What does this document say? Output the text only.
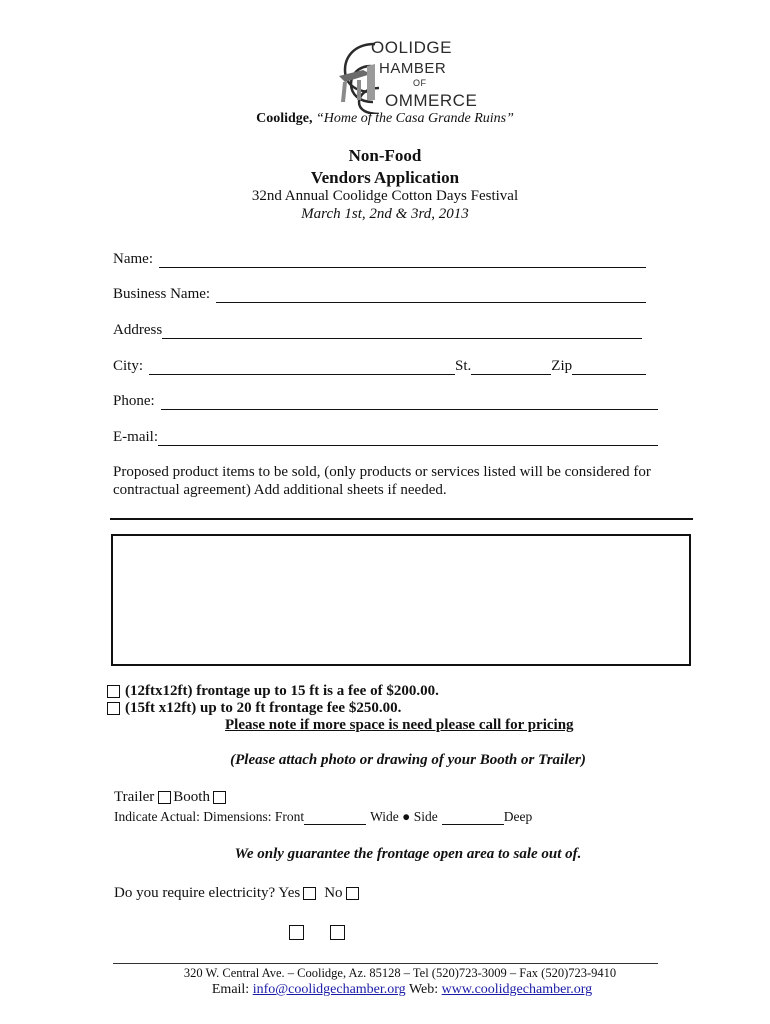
OOLIDGE
HAMBER
OF
OMMERCE
Coolidge, “Home of the Casa Grande Ruins”
Non-Food
Vendors Application
32nd Annual Coolidge Cotton Days Festival
March 1st, 2nd & 3rd, 2013
Name:
Business Name:
Address
City:	St.	Zip
Phone:
E-mail:
Proposed product items to be sold, (only products or services listed will be considered for contractual agreement) Add additional sheets if needed.
(12ftx12ft) frontage up to 15 ft is a fee of $200.00.
(15ft x12ft) up to 20 ft frontage fee $250.00.
Please note if more space is need please call for pricing
(Please attach photo or drawing of your Booth or Trailer)
Trailer Booth
Indicate Actual: Dimensions: Front	Wide ● Side	Deep
We only guarantee the frontage open area to sale out of.
Do you require electricity? Yes No
320 W. Central Ave. – Coolidge, Az. 85128 – Tel (520)723-3009 – Fax (520)723-9410
Email: info@coolidgechamber.org Web: www.coolidgechamber.org
